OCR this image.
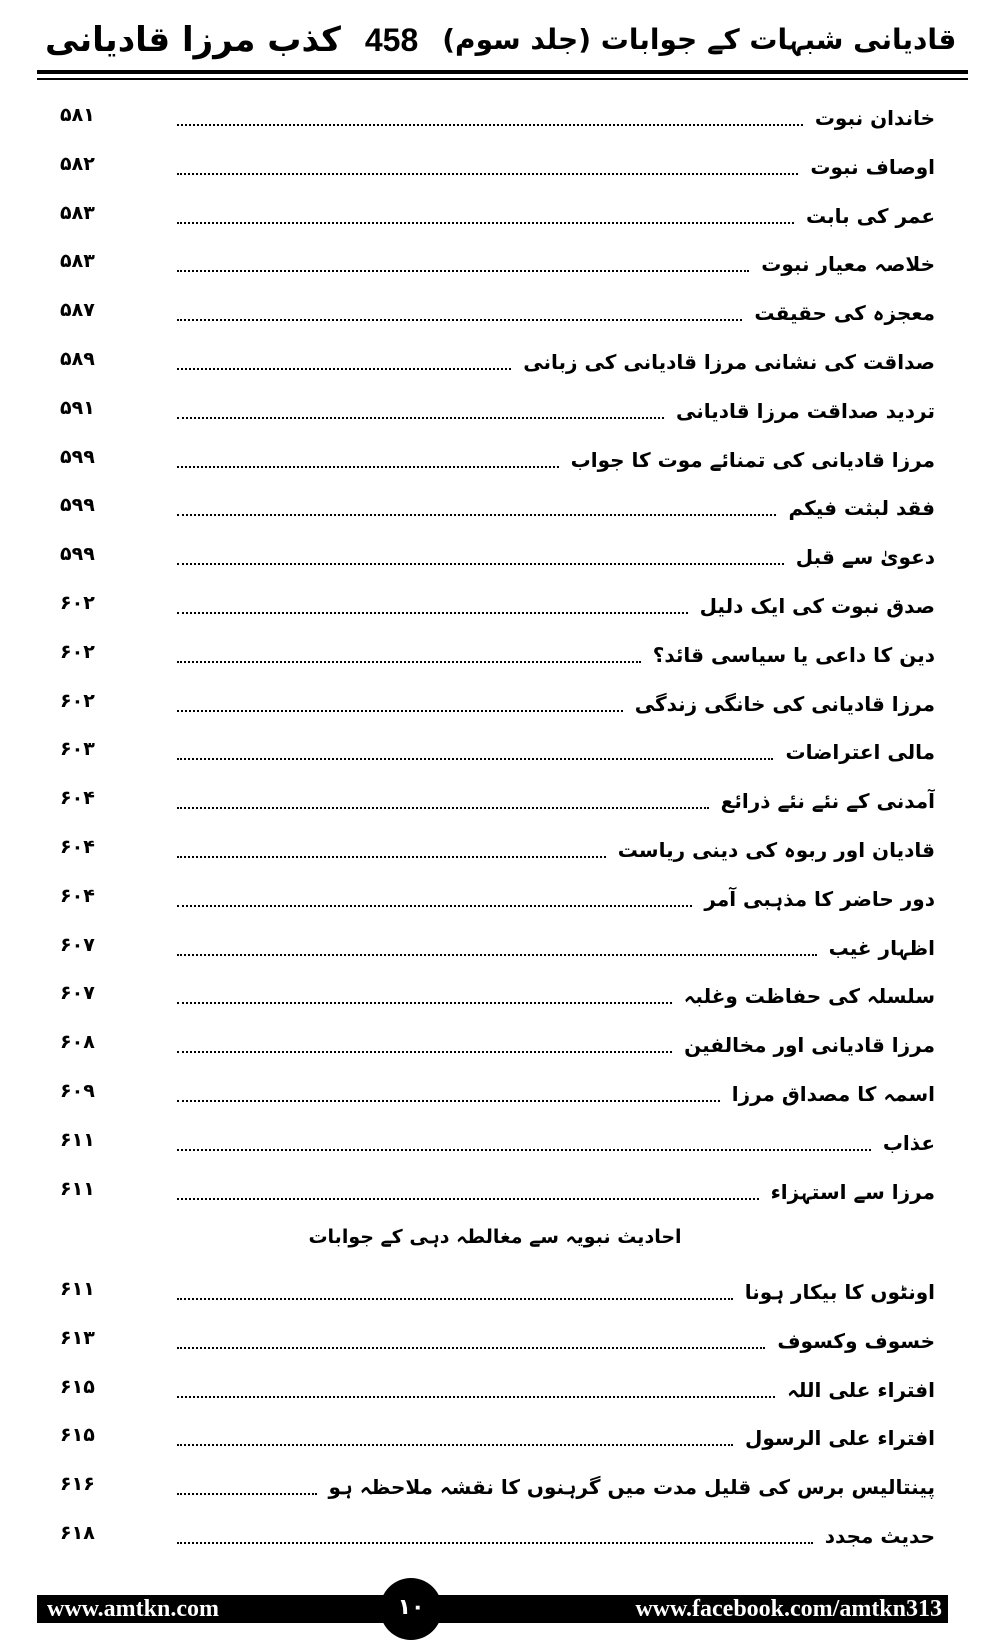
کذب مرزا قادیانی 458 قادیانی شبہات کے جوابات (جلد سوم)
۵۸۱	خاندان نبوت
۵۸۲	اوصاف نبوت
۵۸۳	عمر کی بابت
۵۸۳	خلاصہ معیار نبوت
۵۸۷	معجزہ کی حقیقت
۵۸۹	صداقت کی نشانی مرزا قادیانی کی زبانی
۵۹۱	تردید صداقت مرزا قادیانی
۵۹۹	مرزا قادیانی کی تمنائے موت کا جواب
۵۹۹	فقد لبثت فیکم
۵۹۹	دعویٰ سے قبل
۶۰۲	صدق نبوت کی ایک دلیل
۶۰۲	دین کا داعی یا سیاسی قائد؟
۶۰۲	مرزا قادیانی کی خانگی زندگی
۶۰۳	مالی اعتراضات
۶۰۴	آمدنی کے نئے نئے ذرائع
۶۰۴	قادیان اور ربوہ کی دینی ریاست
۶۰۴	دور حاضر کا مذہبی آمر
۶۰۷	اظہار غیب
۶۰۷	سلسلہ کی حفاظت وغلبہ
۶۰۸	مرزا قادیانی اور مخالفین
۶۰۹	اسمہ کا مصداق مرزا
۶۱۱	عذاب
۶۱۱	مرزا سے استہزاء
احادیث نبویہ سے مغالطہ دہی کے جوابات
۶۱۱	اونٹوں کا بیکار ہونا
۶۱۳	خسوف وکسوف
۶۱۵	افتراء علی اللہ
۶۱۵	افتراء علی الرسول
۶۱۶	پینتالیس برس کی قلیل مدت میں گرہنوں کا نقشہ ملاحظہ ہو
۶۱۸	حدیث مجدد
www.amtkn.com	www.facebook.com/amtkn313
۱۰
